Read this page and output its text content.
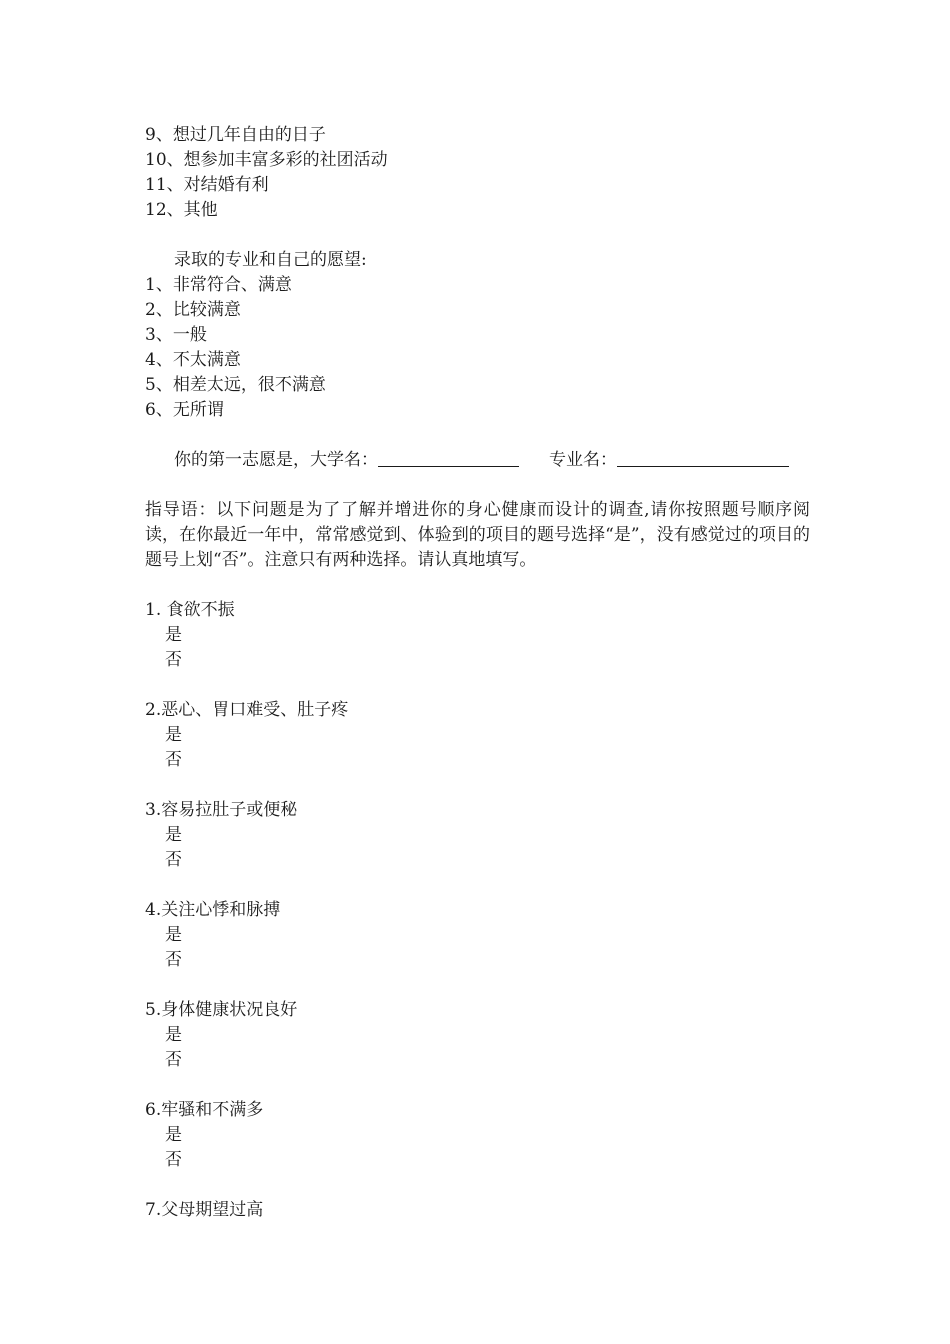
9、想过几年自由的日子
10、想参加丰富多彩的社团活动
11、对结婚有利
12、其他
录取的专业和自己的愿望:
1、非常符合、满意
2、比较满意
3、一般
4、不太满意
5、相差太远，很不满意
6、无所谓
你的第一志愿是，大学名：	专业名：
指导语：以下问题是为了了解并增进你的身心健康而设计的调查,请你按照题号顺序阅读，在你最近一年中，常常感觉到、体验到的项目的题号选择“是”，没有感觉过的项目的题号上划“否”。注意只有两种选择。请认真地填写。
1. 食欲不振
是
否
2.恶心、胃口难受、肚子疼
是
否
3.容易拉肚子或便秘
是
否
4.关注心悸和脉搏
是
否
5.身体健康状况良好
是
否
6.牢骚和不满多
是
否
7.父母期望过高
